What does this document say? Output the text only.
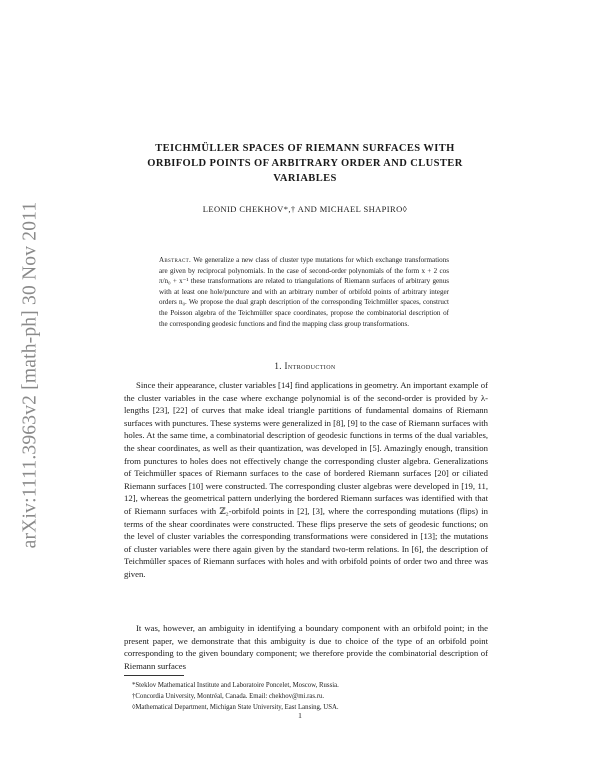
arXiv:1111.3963v2 [math-ph] 30 Nov 2011
TEICHMÜLLER SPACES OF RIEMANN SURFACES WITH ORBIFOLD POINTS OF ARBITRARY ORDER AND CLUSTER VARIABLES
LEONID CHEKHOV*,† AND MICHAEL SHAPIRO◊
Abstract. We generalize a new class of cluster type mutations for which exchange transformations are given by reciprocal polynomials. In the case of second-order polynomials of the form x + 2 cos π/n₀ + x⁻¹ these transformations are related to triangulations of Riemann surfaces of arbitrary genus with at least one hole/puncture and with an arbitrary number of orbifold points of arbitrary integer orders n₀. We propose the dual graph description of the corresponding Teichmüller spaces, construct the Poisson algebra of the Teichmüller space coordinates, propose the combinatorial description of the corresponding geodesic functions and find the mapping class group transformations.
1. Introduction
Since their appearance, cluster variables [14] find applications in geometry. An important example of the cluster variables in the case where exchange polynomial is of the second-order is provided by λ-lengths [23], [22] of curves that make ideal triangle partitions of fundamental domains of Riemann surfaces with punctures. These systems were generalized in [8], [9] to the case of Riemann surfaces with holes. At the same time, a combinatorial description of geodesic functions in terms of the dual variables, the shear coordinates, as well as their quantization, was developed in [5]. Amazingly enough, transition from punctures to holes does not effectively change the corresponding cluster algebra. Generalizations of Teichmüller spaces of Riemann surfaces to the case of bordered Riemann surfaces [20] or ciliated Riemann surfaces [10] were constructed. The corresponding cluster algebras were developed in [19, 11, 12], whereas the geometrical pattern underlying the bordered Riemann surfaces was identified with that of Riemann surfaces with ℤ₂-orbifold points in [2], [3], where the corresponding mutations (flips) in terms of the shear coordinates were constructed. These flips preserve the sets of geodesic functions; on the level of cluster variables the corresponding transformations were considered in [13]; the mutations of cluster variables were there again given by the standard two-term relations. In [6], the description of Teichmüller spaces of Riemann surfaces with holes and with orbifold points of order two and three was given.
It was, however, an ambiguity in identifying a boundary component with an orbifold point; in the present paper, we demonstrate that this ambiguity is due to choice of the type of an orbifold point corresponding to the given boundary component; we therefore provide the combinatorial description of Riemann surfaces
*Steklov Mathematical Institute and Laboratoire Poncelet, Moscow, Russia.
†Concordia University, Montréal, Canada. Email: chekhov@mi.ras.ru.
◊Mathematical Department, Michigan State University, East Lansing, USA.
1
